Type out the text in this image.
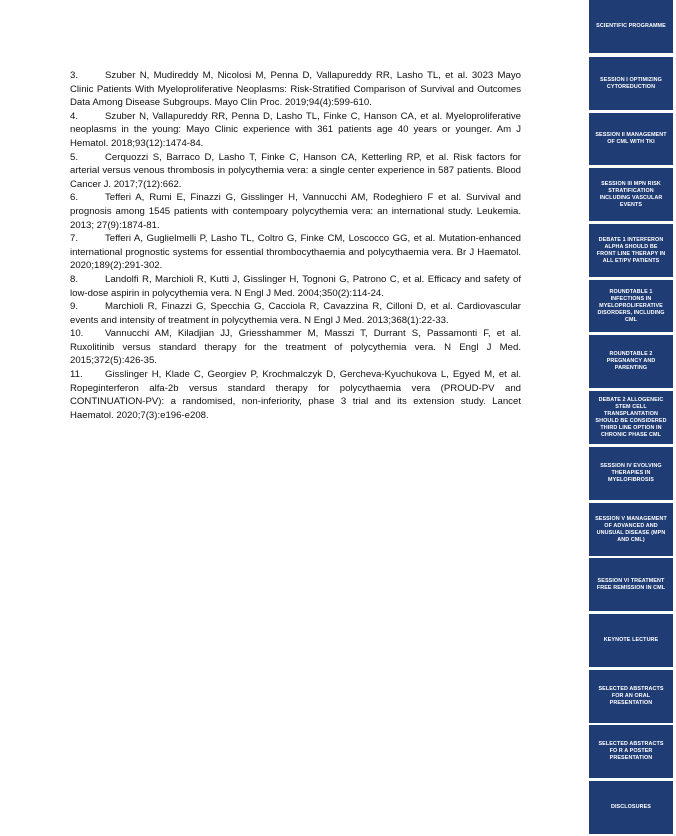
3.	Szuber N, Mudireddy M, Nicolosi M, Penna D, Vallapureddy RR, Lasho TL, et al. 3023 Mayo Clinic Patients With Myeloproliferative Neoplasms: Risk-Stratified Comparison of Survival and Outcomes Data Among Disease Subgroups. Mayo Clin Proc. 2019;94(4):599-610.

4.	Szuber N, Vallapureddy RR, Penna D, Lasho TL, Finke C, Hanson CA, et al. Myeloproliferative neoplasms in the young: Mayo Clinic experience with 361 patients age 40 years or younger. Am J Hematol. 2018;93(12):1474-84.

5.	Cerquozzi S, Barraco D, Lasho T, Finke C, Hanson CA, Ketterling RP, et al. Risk factors for arterial versus venous thrombosis in polycythemia vera: a single center experience in 587 patients. Blood Cancer J. 2017;7(12):662.

6.	Tefferi A, Rumi E, Finazzi G, Gisslinger H, Vannucchi AM, Rodeghiero F et al. Survival and prognosis among 1545 patients with contempoary polycythemia vera: an international study. Leukemia. 2013; 27(9):1874-81.

7.	Tefferi A, Guglielmelli P, Lasho TL, Coltro G, Finke CM, Loscocco GG, et al. Mutation-enhanced international prognostic systems for essential thrombocythaemia and polycythaemia vera. Br J Haematol. 2020;189(2):291-302.

8.	Landolfi R, Marchioli R, Kutti J, Gisslinger H, Tognoni G, Patrono C, et al. Efficacy and safety of low-dose aspirin in polycythemia vera. N Engl J Med. 2004;350(2):114-24.

9.	Marchioli R, Finazzi G, Specchia G, Cacciola R, Cavazzina R, Cilloni D, et al. Cardiovascular events and intensity of treatment in polycythemia vera. N Engl J Med. 2013;368(1):22-33.

10. Vannucchi AM, Kiladjian JJ, Griesshammer M, Masszi T, Durrant S, Passamonti F, et al. Ruxolitinib versus standard therapy for the treatment of polycythemia vera. N Engl J Med. 2015;372(5):426-35.

11. Gisslinger H, Klade C, Georgiev P, Krochmalczyk D, Gercheva-Kyuchukova L, Egyed M, et al. Ropeginterferon alfa-2b versus standard therapy for polycythaemia vera (PROUD-PV and CONTINUATION-PV): a randomised, non-inferiority, phase 3 trial and its extension study. Lancet Haematol. 2020;7(3):e196-e208.

SCIENTIFIC PROGRAMME
SESSION I OPTIMIZING CYTOREDUCTION
SESSION II MANAGEMENT OF CML WITH TKI
SESSION III MPN RISK STRATIFICATION INCLUDING VASCULAR EVENTS
DEBATE 1 INTERFERON ALPHA SHOULD BE FRONT LINE THERAPY IN ALL ET/PV PATIENTS
ROUNDTABLE 1 INFECTIONS IN MYELOPROLIFERATIVE DISORDERS, INCLUDING CML
ROUNDTABLE 2 PREGNANCY AND PARENTING
DEBATE 2 ALLOGENEIC STEM CELL TRANSPLANTATION SHOULD BE CONSIDERED THIRD LINE OPTION IN CHRONIC PHASE CML
SESSION IV EVOLVING THERAPIES IN MYELOFIBROSIS
SESSION V MANAGEMENT OF ADVANCED AND UNUSUAL DISEASE (MPN AND CML)
SESSION VI TREATMENT FREE REMISSION IN CML
KEYNOTE LECTURE
SELECTED ABSTRACTS FOR AN ORAL PRESENTATION
SELECTED ABSTRACTS FO R A POSTER PRESENTATION
DISCLOSURES
